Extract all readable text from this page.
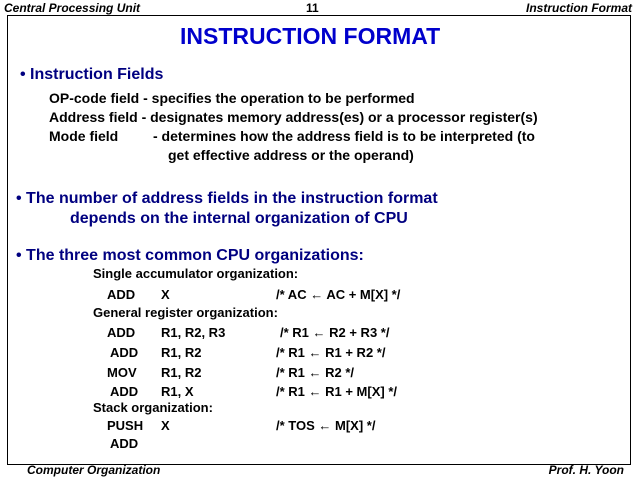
Central Processing Unit	11	Instruction Format
INSTRUCTION FORMAT
• Instruction Fields
OP-code field - specifies the operation to be performed
Address field - designates memory address(es) or a processor register(s)
Mode field - determines how the address field is to be interpreted (to
get effective address or the operand)
• The number of address fields in the instruction format
depends on the internal organization of CPU
• The three most common CPU organizations:
Single accumulator organization:
ADD X	/* AC ← AC + M[X] */
General register organization:
ADD R1, R2, R3	/* R1 ← R2 + R3 */
ADD R1, R2	/* R1 ← R1 + R2 */
MOV R1, R2	/* R1 ← R2 */
ADD R1, X	/* R1 ← R1 + M[X] */
Stack organization:
PUSH X	/* TOS ← M[X] */
ADD
Computer Organization	Prof. H. Yoon
